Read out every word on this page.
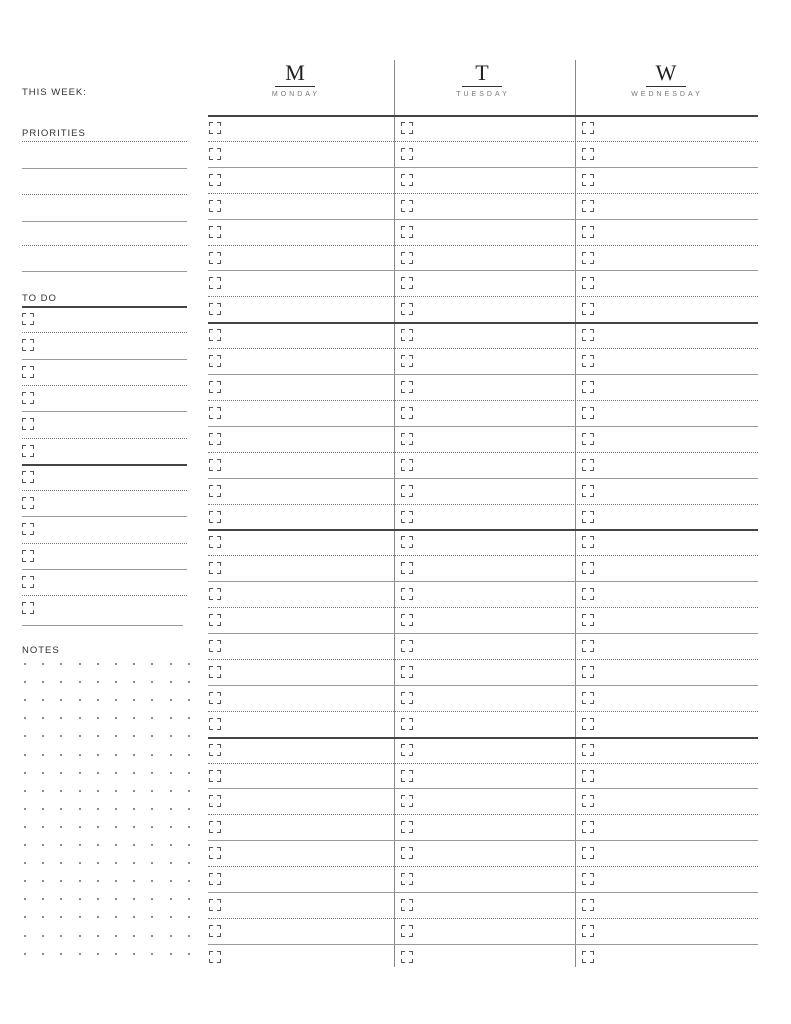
THIS WEEK:
PRIORITIES
TO DO
NOTES
M
MONDAY
T
TUESDAY
W
WEDNESDAY
